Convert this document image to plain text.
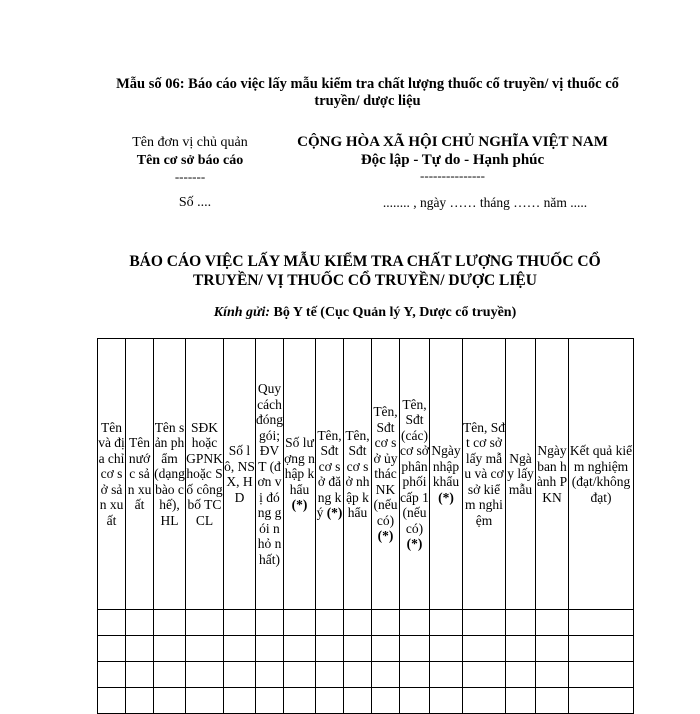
Mẫu số 06: Báo cáo việc lấy mẫu kiểm tra chất lượng thuốc cổ truyền/ vị thuốc cổ truyền/ dược liệu
Tên đơn vị chủ quản
Tên cơ sở báo cáo
-------
CỘNG HÒA XÃ HỘI CHỦ NGHĨA VIỆT NAM
Độc lập - Tự do - Hạnh phúc
---------------
Số ....	........ , ngày …… tháng …… năm .....
BÁO CÁO VIỆC LẤY MẪU KIỂM TRA CHẤT LƯỢNG THUỐC CỔ TRUYỀN/ VỊ THUỐC CỔ TRUYỀN/ DƯỢC LIỆU
Kính gửi: Bộ Y tế (Cục Quản lý Y, Dược cổ truyền)
Tên và địa chỉ cơ sở sản xuất	Tên nước sản xuất	Tên sản phẩm (dạng bào chế), HL	SĐK hoặc GPNK hoặc Số công bố TCCL	Số lô, NSX, HD	Quy cách đóng gói; ĐVT (đơn vị đóng gói nhỏ nhất)	Số lượng nhập khẩu (*)	Tên, Sđt cơ sở đăng ký (*)	Tên, Sđt cơ sở nhập khẩu	Tên, Sđt cơ sở ủy thác NK (nếu có) (*)	Tên, Sđt (các) cơ sở phân phối cấp 1 (nếu có) (*)	Ngày nhập khẩu (*)	Tên, Sđt cơ sở lấy mẫu và cơ sở kiểm nghiệm	Ngày lấy mẫu	Ngày ban hành PKN	Kết quả kiểm nghiệm (đạt/không đạt)
